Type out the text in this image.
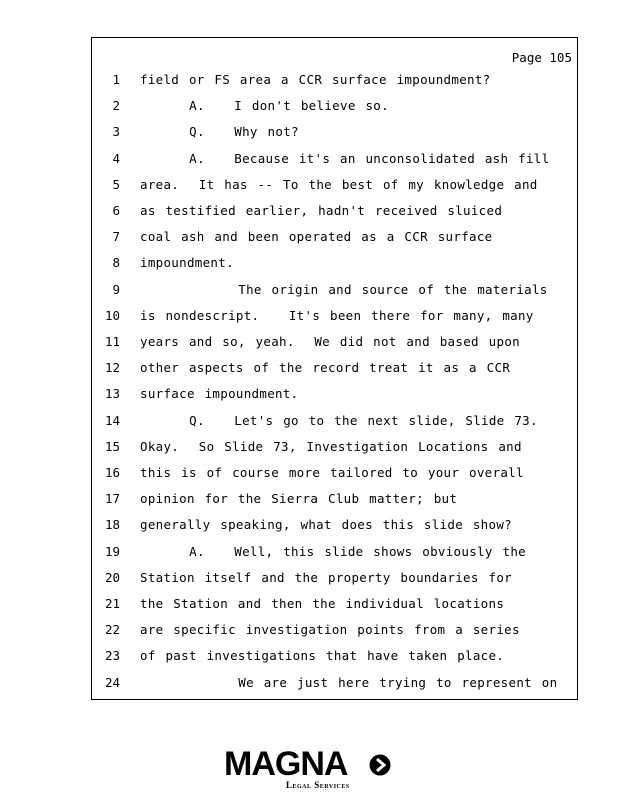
Page 105
1 field or FS area a CCR surface impoundment?
2 A.   I don't believe so.
3 Q.   Why not?
4 A.   Because it's an unconsolidated ash fill
5 area.  It has -- To the best of my knowledge and
6 as testified earlier, hadn't received sluiced
7 coal ash and been operated as a CCR surface
8 impoundment.
9 The origin and source of the materials
10 is nondescript.   It's been there for many, many
11 years and so, yeah.  We did not and based upon
12 other aspects of the record treat it as a CCR
13 surface impoundment.
14 Q.   Let's go to the next slide, Slide 73.
15 Okay.  So Slide 73, Investigation Locations and
16 this is of course more tailored to your overall
17 opinion for the Sierra Club matter; but
18 generally speaking, what does this slide show?
19 A.   Well, this slide shows obviously the
20 Station itself and the property boundaries for
21 the Station and then the individual locations
22 are specific investigation points from a series
23 of past investigations that have taken place.
24 We are just here trying to represent on
MAGNA
Legal Services
